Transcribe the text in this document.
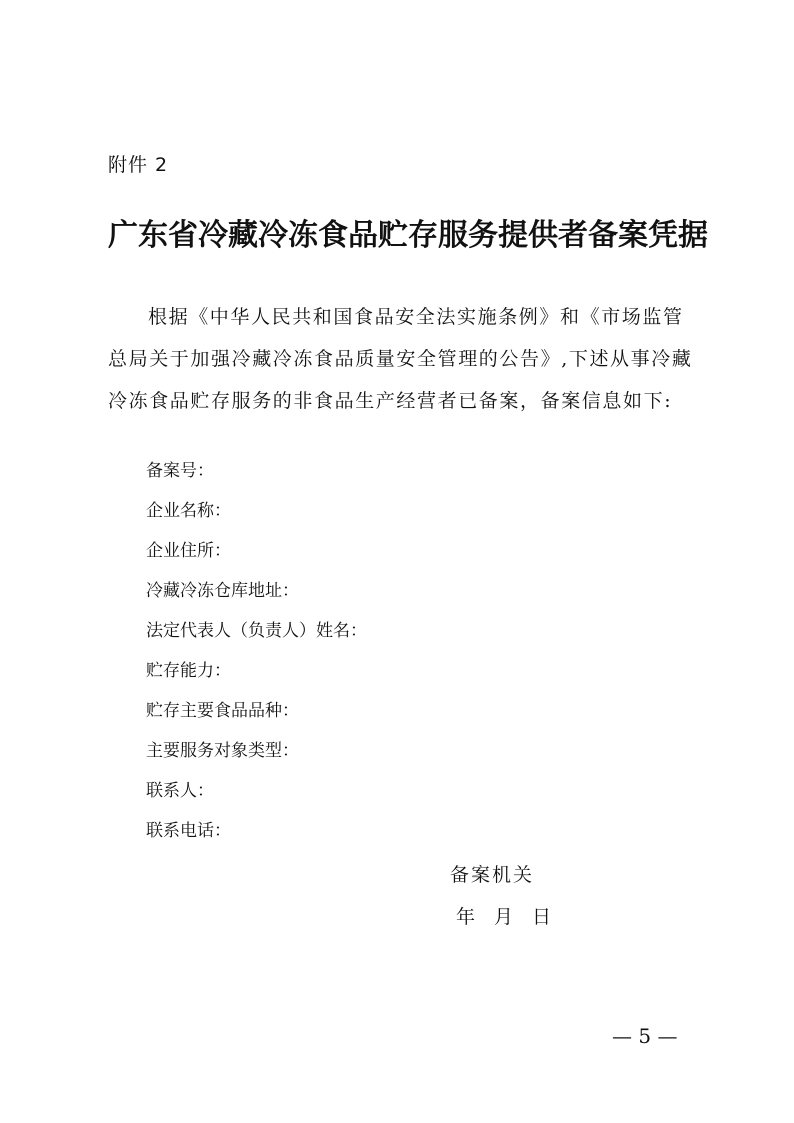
附件 2
广东省冷藏冷冻食品贮存服务提供者备案凭据
根据《中华人民共和国食品安全法实施条例》和《市场监管
总局关于加强冷藏冷冻食品质量安全管理的公告》,下述从事冷藏
冷冻食品贮存服务的非食品生产经营者已备案，备案信息如下:
备案号：
企业名称：
企业住所：
冷藏冷冻仓库地址：
法定代表人（负责人）姓名：
贮存能力：
贮存主要食品品种：
主要服务对象类型：
联系人：
联系电话：
备案机关
年　月　日
— 5 —
